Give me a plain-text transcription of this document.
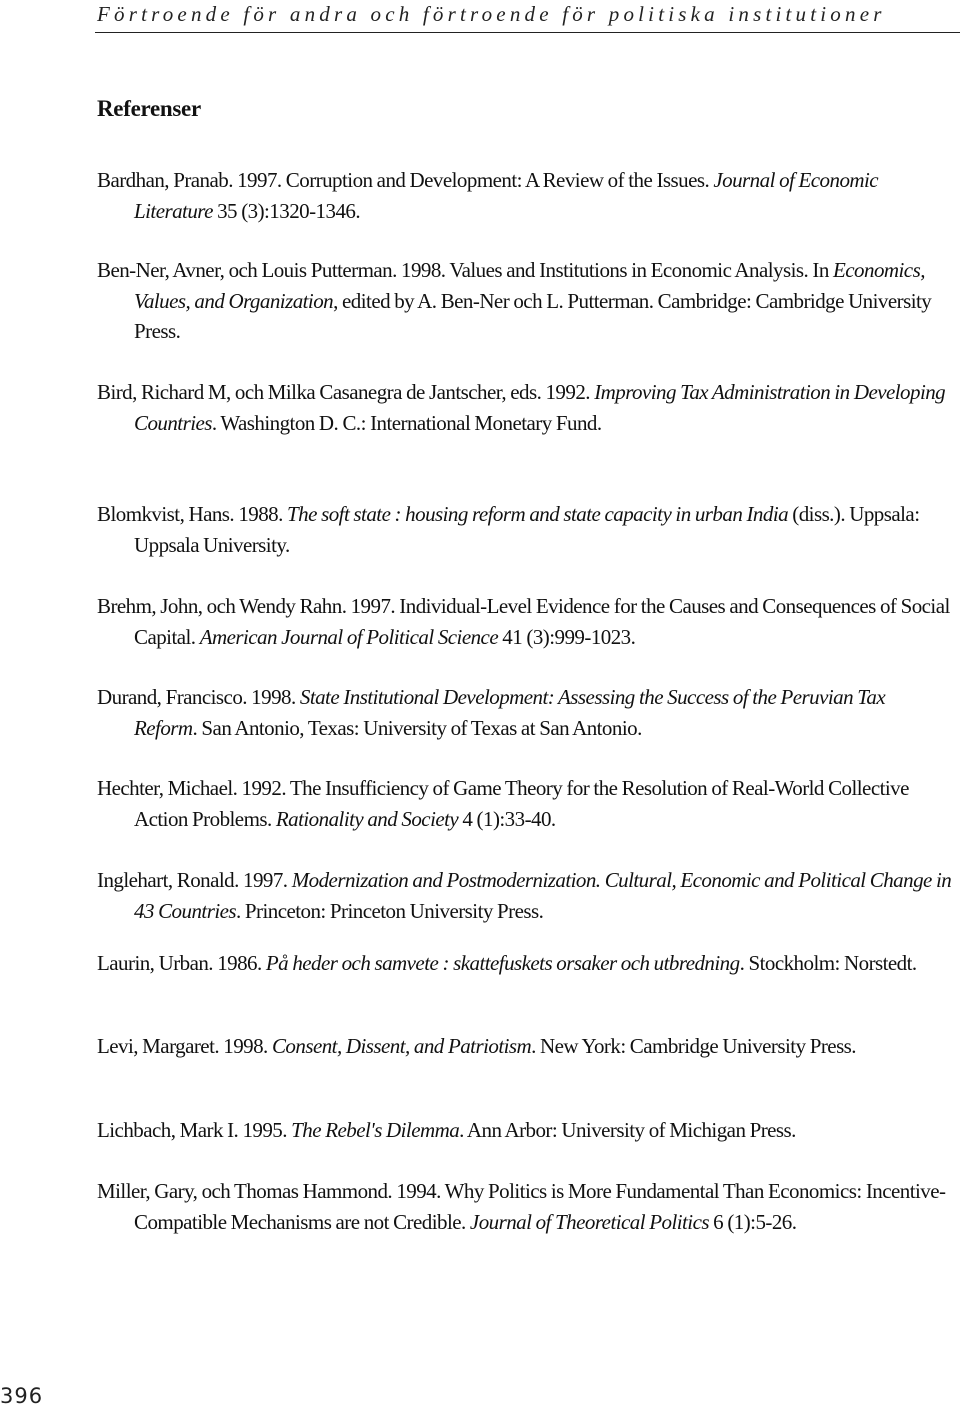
Förtroende för andra och förtroende för politiska institutioner
Referenser
Bardhan, Pranab. 1997. Corruption and Development: A Review of the Issues. Journal of Economic Literature 35 (3):1320-1346.
Ben-Ner, Avner, och Louis Putterman. 1998. Values and Institutions in Economic Analysis. In Economics, Values, and Organization, edited by A. Ben-Ner och L. Putterman. Cambridge: Cambridge University Press.
Bird, Richard M, och Milka Casanegra de Jantscher, eds. 1992. Improving Tax Administration in Developing Countries. Washington D. C.: International Monetary Fund.
Blomkvist, Hans. 1988. The soft state : housing reform and state capacity in urban India (diss.). Uppsala: Uppsala University.
Brehm, John, och Wendy Rahn. 1997. Individual-Level Evidence for the Causes and Consequences of Social Capital. American Journal of Political Science 41 (3):999-1023.
Durand, Francisco. 1998. State Institutional Development: Assessing the Success of the Peruvian Tax Reform. San Antonio, Texas: University of Texas at San Antonio.
Hechter, Michael. 1992. The Insufficiency of Game Theory for the Resolution of Real-World Collective Action Problems. Rationality and Society 4 (1):33-40.
Inglehart, Ronald. 1997. Modernization and Postmodernization. Cultural, Economic and Political Change in 43 Countries. Princeton: Princeton University Press.
Laurin, Urban. 1986. På heder och samvete : skattefuskets orsaker och utbredning. Stockholm: Norstedt.
Levi, Margaret. 1998. Consent, Dissent, and Patriotism. New York: Cambridge University Press.
Lichbach, Mark I. 1995. The Rebel's Dilemma. Ann Arbor: University of Michigan Press.
Miller, Gary, och Thomas Hammond. 1994. Why Politics is More Fundamental Than Economics: Incentive-Compatible Mechanisms are not Credible. Journal of Theoretical Politics 6 (1):5-26.
396
